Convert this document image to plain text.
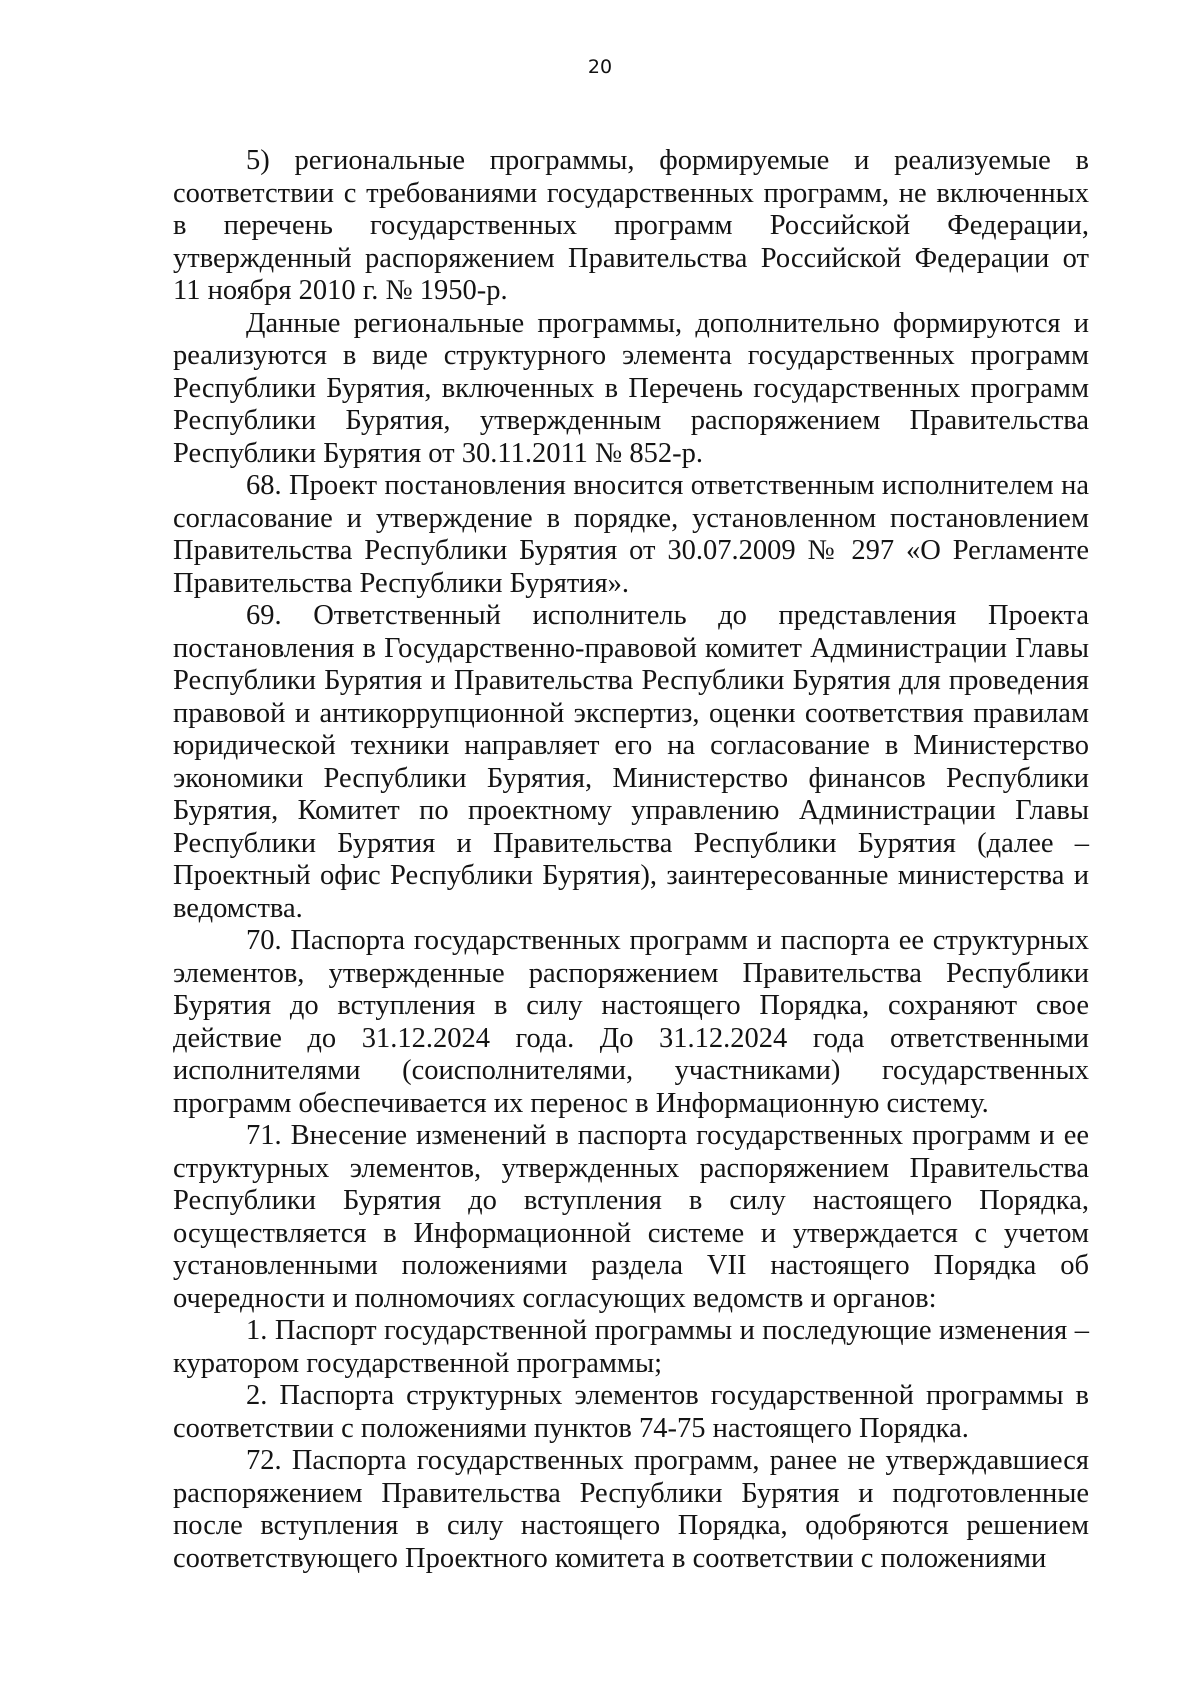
20

5) региональные программы, формируемые и реализуемые в соответствии с требованиями государственных программ, не включенных в перечень государственных программ Российской Федерации, утвержденный распоряжением Правительства Российской Федерации от 11 ноября 2010 г. № 1950-р.

Данные региональные программы, дополнительно формируются и реализуются в виде структурного элемента государственных программ Республики Бурятия, включенных в Перечень государственных программ Республики Бурятия, утвержденным распоряжением Правительства Республики Бурятия от 30.11.2011 № 852-р.

68. Проект постановления вносится ответственным исполнителем на согласование и утверждение в порядке, установленном постановлением Правительства Республики Бурятия от 30.07.2009 № 297 «О Регламенте Правительства Республики Бурятия».

69. Ответственный исполнитель до представления Проекта постановления в Государственно-правовой комитет Администрации Главы Республики Бурятия и Правительства Республики Бурятия для проведения правовой и антикоррупционной экспертиз, оценки соответствия правилам юридической техники направляет его на согласование в Министерство экономики Республики Бурятия, Министерство финансов Республики Бурятия, Комитет по проектному управлению Администрации Главы Республики Бурятия и Правительства Республики Бурятия (далее – Проектный офис Республики Бурятия), заинтересованные министерства и ведомства.

70. Паспорта государственных программ и паспорта ее структурных элементов, утвержденные распоряжением Правительства Республики Бурятия до вступления в силу настоящего Порядка, сохраняют свое действие до 31.12.2024 года. До 31.12.2024 года ответственными исполнителями (соисполнителями, участниками) государственных программ обеспечивается их перенос в Информационную систему.

71. Внесение изменений в паспорта государственных программ и ее структурных элементов, утвержденных распоряжением Правительства Республики Бурятия до вступления в силу настоящего Порядка, осуществляется в Информационной системе и утверждается с учетом установленными положениями раздела VII настоящего Порядка об очередности и полномочиях согласующих ведомств и органов:

1. Паспорт государственной программы и последующие изменения – куратором государственной программы;

2. Паспорта структурных элементов государственной программы в соответствии с положениями пунктов 74-75 настоящего Порядка.

72. Паспорта государственных программ, ранее не утверждавшиеся распоряжением Правительства Республики Бурятия и подготовленные после вступления в силу настоящего Порядка, одобряются решением соответствующего Проектного комитета в соответствии с положениями
